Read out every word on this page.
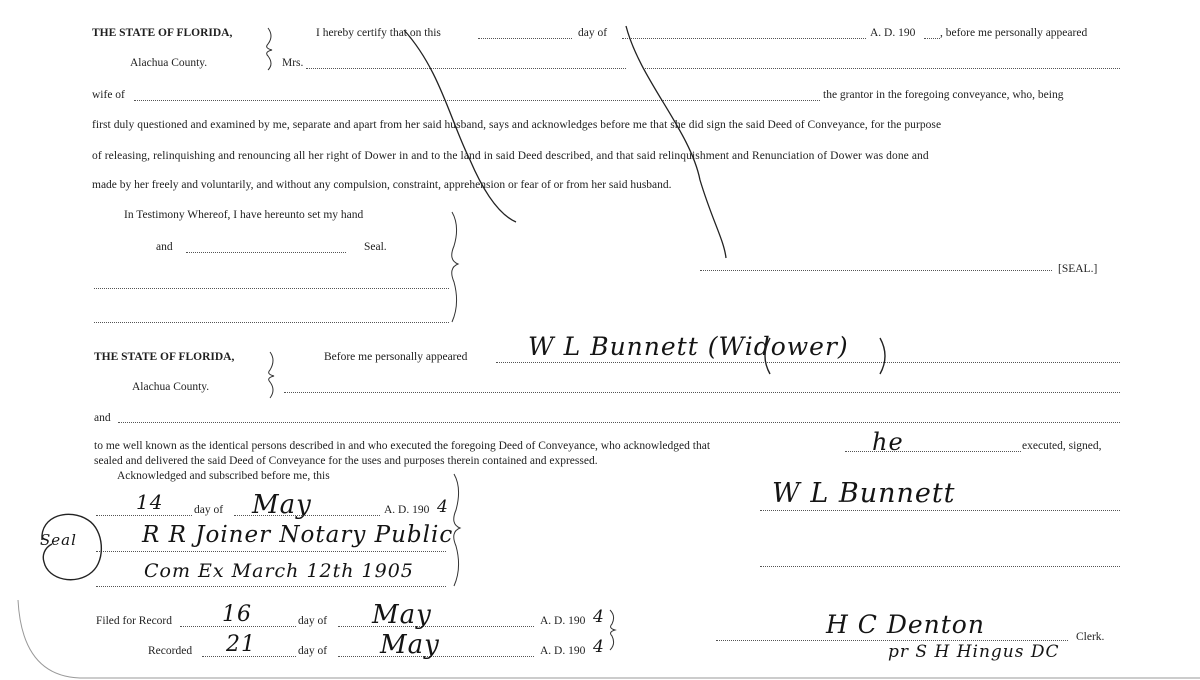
THE STATE OF FLORIDA,
Alachua County.
I hereby certify that on this	day of	A. D. 190 , before me personally appeared
Mrs.
wife of	the grantor in the foregoing conveyance, who, being
first duly questioned and examined by me, separate and apart from her said husband, says and acknowledges before me that she did sign the said Deed of Conveyance, for the purpose
of releasing, relinquishing and renouncing all her right of Dower in and to the land in said Deed described, and that said relinquishment and Renunciation of Dower was done and
made by her freely and voluntarily, and without any compulsion, constraint, apprehension or fear of or from her said husband.
In Testimony Whereof, I have hereunto set my hand
and	Seal.
[SEAL.]
THE STATE OF FLORIDA,
Alachua County.
Before me personally appeared W L Bunnett (Widower)
and
to me well known as the identical persons described in and who executed the foregoing Deed of Conveyance, who acknowledged that	he	executed, signed,
sealed and delivered the said Deed of Conveyance for the uses and purposes therein contained and expressed.
Acknowledged and subscribed before me, this
14	day of May	A. D. 190 4
R R Joiner Notary Public
Com Ex March 12th 1905
Seal
W L Bunnett
Filed for Record 16	day of May	A. D. 190 4
Recorded 21	day of May	A. D. 190 4
H C Denton	Clerk.
pr S H Hingus DC
